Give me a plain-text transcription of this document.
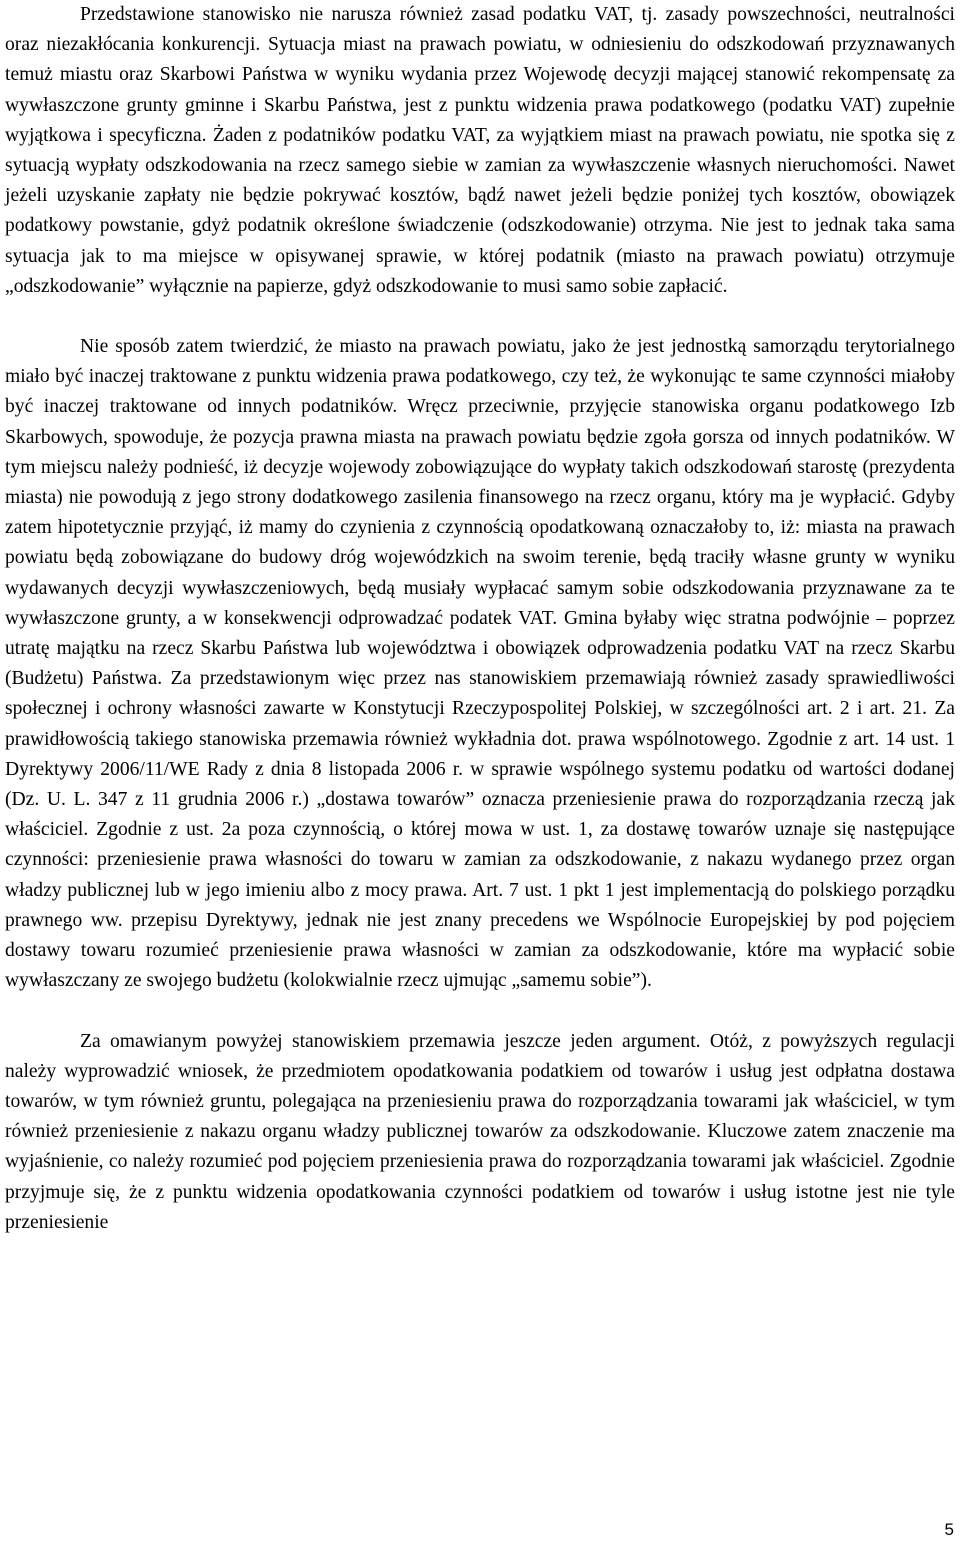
Przedstawione stanowisko nie narusza również zasad podatku VAT, tj. zasady powszechności, neutralności oraz niezakłócania konkurencji. Sytuacja miast na prawach powiatu, w odniesieniu do odszkodowań przyznawanych temuż miastu oraz Skarbowi Państwa w wyniku wydania przez Wojewodę decyzji mającej stanowić rekompensatę za wywłaszczone grunty gminne i Skarbu Państwa, jest z punktu widzenia prawa podatkowego (podatku VAT) zupełnie wyjątkowa i specyficzna. Żaden z podatników podatku VAT, za wyjątkiem miast na prawach powiatu, nie spotka się z sytuacją wypłaty odszkodowania na rzecz samego siebie w zamian za wywłaszczenie własnych nieruchomości. Nawet jeżeli uzyskanie zapłaty nie będzie pokrywać kosztów, bądź nawet jeżeli będzie poniżej tych kosztów, obowiązek podatkowy powstanie, gdyż podatnik określone świadczenie (odszkodowanie) otrzyma. Nie jest to jednak taka sama sytuacja jak to ma miejsce w opisywanej sprawie, w której podatnik (miasto na prawach powiatu) otrzymuje „odszkodowanie” wyłącznie na papierze, gdyż odszkodowanie to musi samo sobie zapłacić.

Nie sposób zatem twierdzić, że miasto na prawach powiatu, jako że jest jednostką samorządu terytorialnego miało być inaczej traktowane z punktu widzenia prawa podatkowego, czy też, że wykonując te same czynności miałoby być inaczej traktowane od innych podatników. Wręcz przeciwnie, przyjęcie stanowiska organu podatkowego Izb Skarbowych, spowoduje, że pozycja prawna miasta na prawach powiatu będzie zgoła gorsza od innych podatników. W tym miejscu należy podnieść, iż decyzje wojewody zobowiązujące do wypłaty takich odszkodowań starostę (prezydenta miasta) nie powodują z jego strony dodatkowego zasilenia finansowego na rzecz organu, który ma je wypłacić. Gdyby zatem hipotetycznie przyjąć, iż mamy do czynienia z czynnością opodatkowaną oznaczałoby to, iż: miasta na prawach powiatu będą zobowiązane do budowy dróg wojewódzkich na swoim terenie, będą traciły własne grunty w wyniku wydawanych decyzji wywłaszczeniowych, będą musiały wypłacać samym sobie odszkodowania przyznawane za te wywłaszczone grunty, a w konsekwencji odprowadzać podatek VAT. Gmina byłaby więc stratna podwójnie – poprzez utratę majątku na rzecz Skarbu Państwa lub województwa i obowiązek odprowadzenia podatku VAT na rzecz Skarbu (Budżetu) Państwa. Za przedstawionym więc przez nas stanowiskiem przemawiają również zasady sprawiedliwości społecznej i ochrony własności zawarte w Konstytucji Rzeczypospolitej Polskiej, w szczególności art. 2 i art. 21. Za prawidłowością takiego stanowiska przemawia również wykładnia dot. prawa wspólnotowego. Zgodnie z art. 14 ust. 1 Dyrektywy 2006/11/WE Rady z dnia 8 listopada 2006 r. w sprawie wspólnego systemu podatku od wartości dodanej (Dz. U. L. 347 z 11 grudnia 2006 r.) „dostawa towarów” oznacza przeniesienie prawa do rozporządzania rzeczą jak właściciel. Zgodnie z ust. 2a poza czynnością, o której mowa w ust. 1, za dostawę towarów uznaje się następujące czynności: przeniesienie prawa własności do towaru w zamian za odszkodowanie, z nakazu wydanego przez organ władzy publicznej lub w jego imieniu albo z mocy prawa. Art. 7 ust. 1 pkt 1 jest implementacją do polskiego porządku prawnego ww. przepisu Dyrektywy, jednak nie jest znany precedens we Wspólnocie Europejskiej by pod pojęciem dostawy towaru rozumieć przeniesienie prawa własności w zamian za odszkodowanie, które ma wypłacić sobie wywłaszczany ze swojego budżetu (kolokwialnie rzecz ujmując „samemu sobie”).

Za omawianym powyżej stanowiskiem przemawia jeszcze jeden argument. Otóż, z powyższych regulacji należy wyprowadzić wniosek, że przedmiotem opodatkowania podatkiem od towarów i usług jest odpłatna dostawa towarów, w tym również gruntu, polegająca na przeniesieniu prawa do rozporządzania towarami jak właściciel, w tym również przeniesienie z nakazu organu władzy publicznej towarów za odszkodowanie. Kluczowe zatem znaczenie ma wyjaśnienie, co należy rozumieć pod pojęciem przeniesienia prawa do rozporządzania towarami jak właściciel. Zgodnie przyjmuje się, że z punktu widzenia opodatkowania czynności podatkiem od towarów i usług istotne jest nie tyle przeniesienie

5
